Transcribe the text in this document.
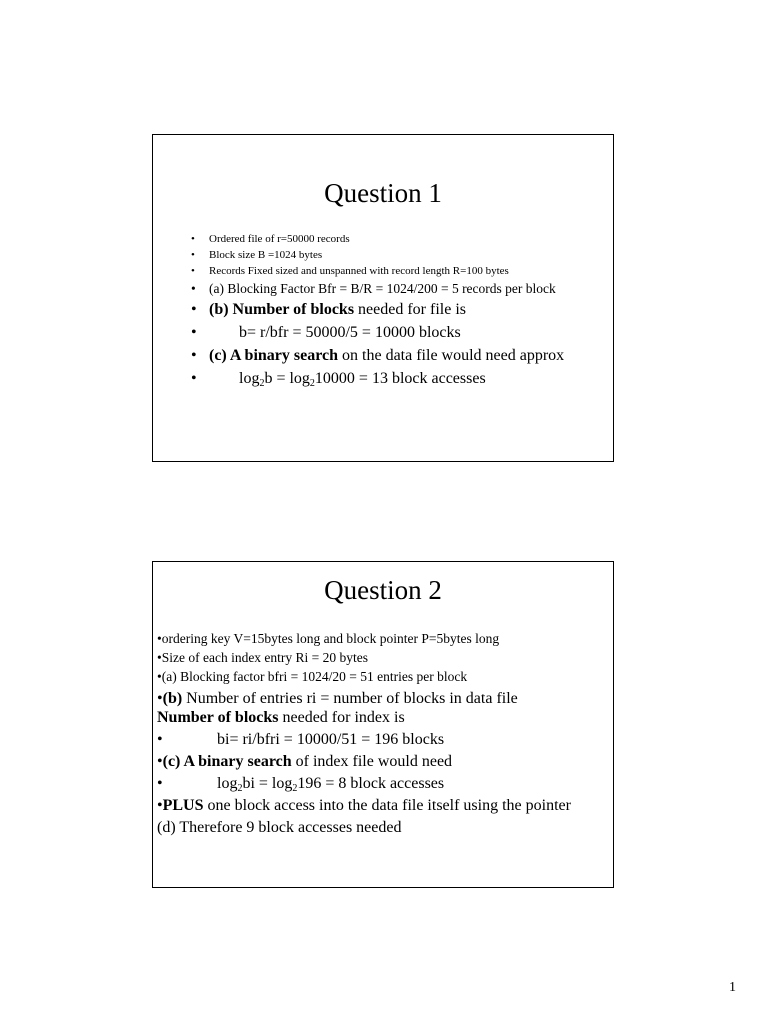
Question 1
• Ordered file of r=50000 records
• Block size B =1024 bytes
• Records Fixed sized and unspanned with record length R=100 bytes
• (a) Blocking Factor Bfr = B/R = 1024/200 = 5 records per block
• (b) Number of blocks needed for file is
•	b= r/bfr = 50000/5 = 10000 blocks
• (c) A binary search on the data file would need approx
•	$\log_2b = \log_210000 = 13$ block accesses
Question 2
•ordering key V=15bytes long and block pointer P=5bytes long
•Size of each index entry Ri = 20 bytes
•(a) Blocking factor bfri = 1024/20 = 51 entries per block
•(b) Number of entries ri = number of blocks in data file
Number of blocks needed for index is
•	bi= ri/bfri = 10000/51 = 196 blocks
•(c) A binary search of index file would need
•	$\log_2bi = \log_2196 = 8$ block accesses
•PLUS one block access into the data file itself using the pointer
(d) Therefore 9 block accesses needed
1
